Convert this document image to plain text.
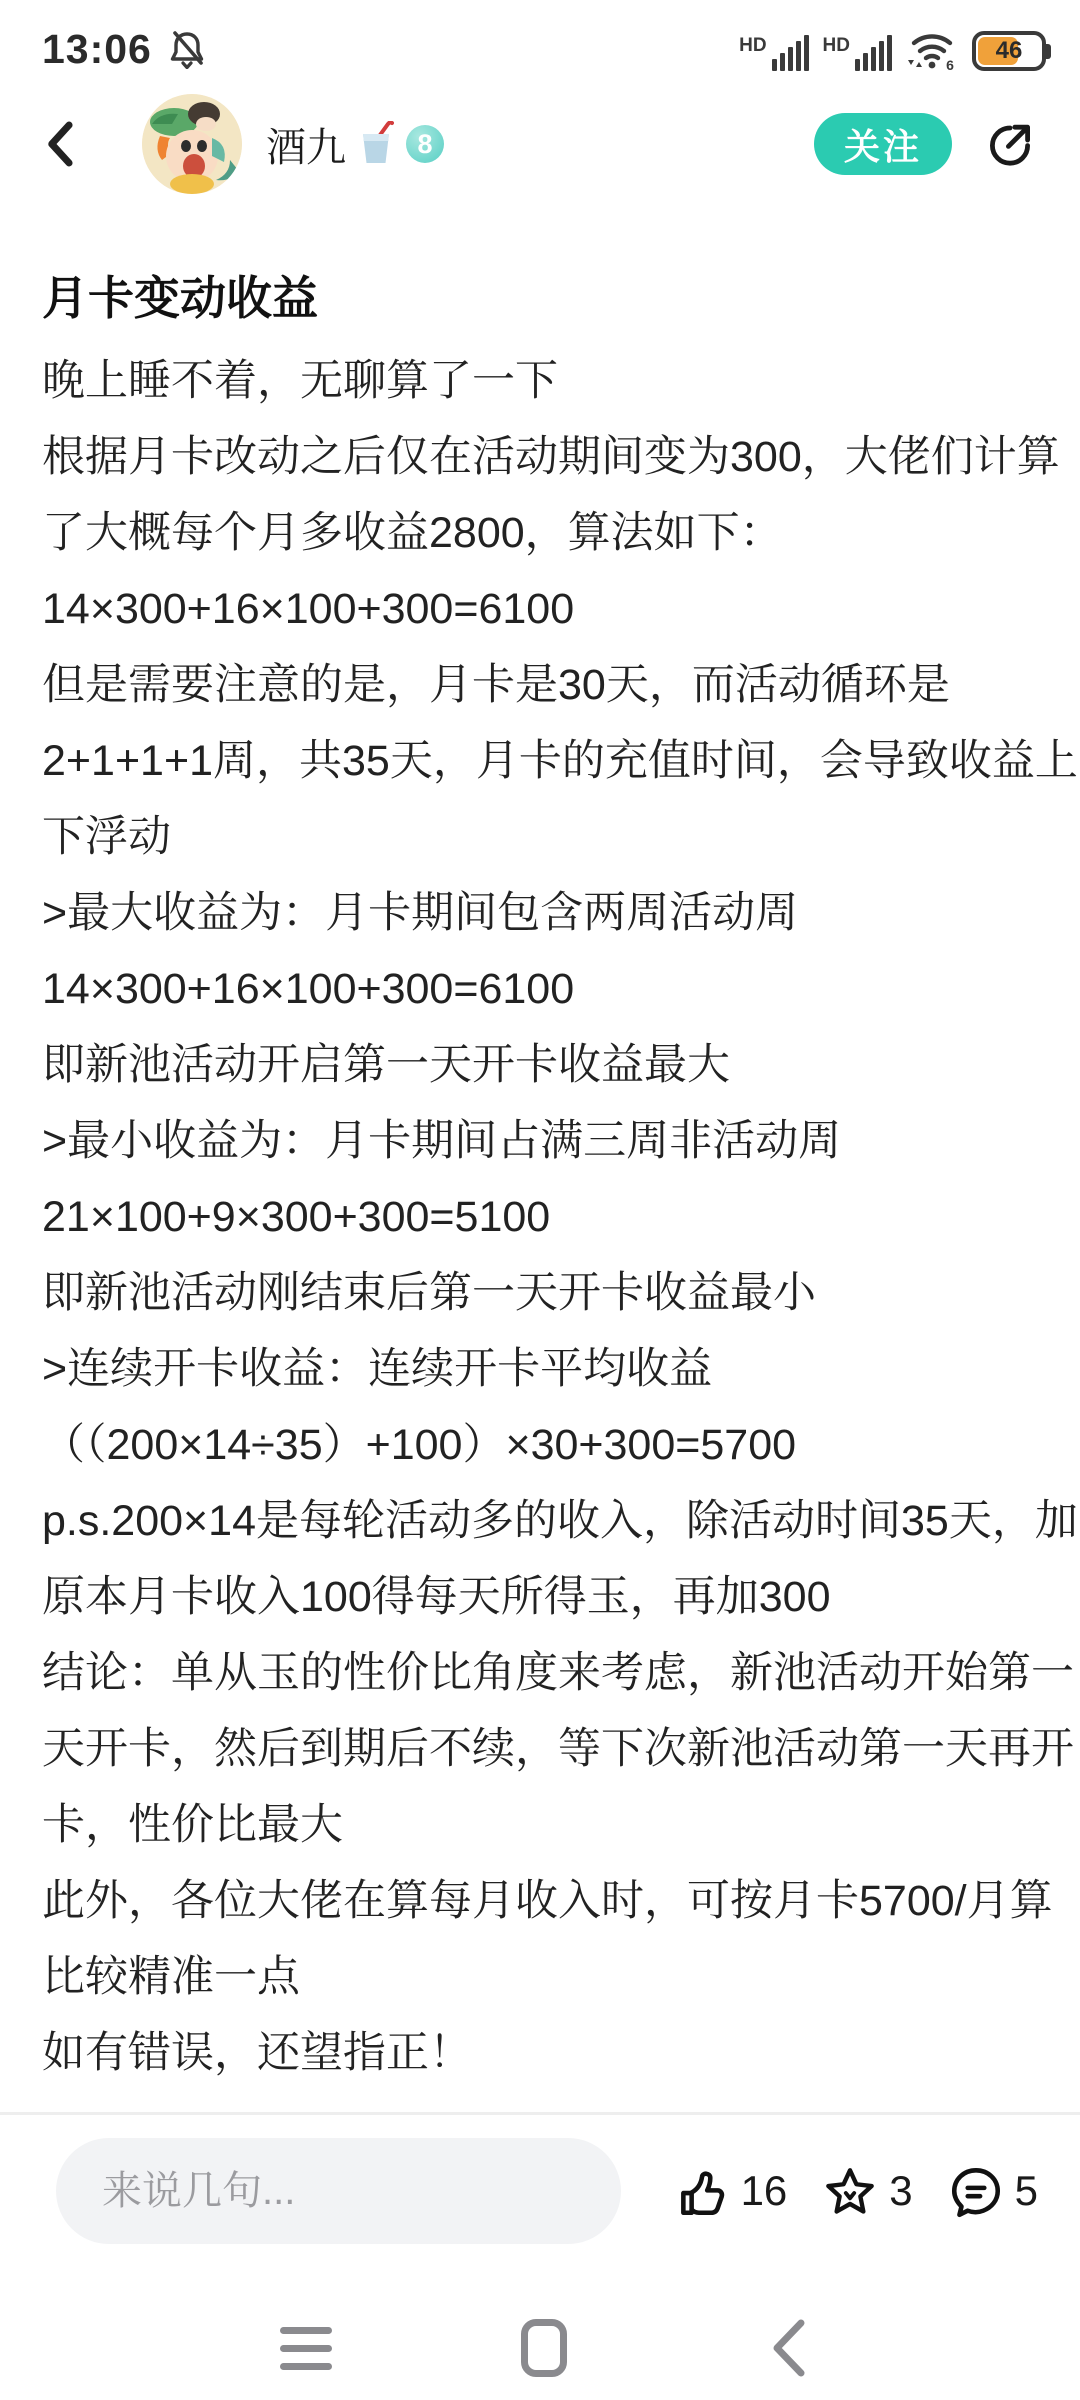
13:06	HD	HD
6
46
酒九	8	关注
月卡变动收益
晚上睡不着，无聊算了一下
根据月卡改动之后仅在活动期间变为300，大佬们计算
了大概每个月多收益2800，算法如下：
14×300+16×100+300=6100
但是需要注意的是，月卡是30天，而活动循环是
2+1+1+1周，共35天，月卡的充值时间，会导致收益上
下浮动
>最大收益为：月卡期间包含两周活动周
14×300+16×100+300=6100
即新池活动开启第一天开卡收益最大
>最小收益为：月卡期间占满三周非活动周
21×100+9×300+300=5100
即新池活动刚结束后第一天开卡收益最小
>连续开卡收益：连续开卡平均收益
（（200×14÷35）+100）×30+300=5700
p.s.200×14是每轮活动多的收入，除活动时间35天，加
原本月卡收入100得每天所得玉，再加300
结论：单从玉的性价比角度来考虑，新池活动开始第一
天开卡，然后到期后不续，等下次新池活动第一天再开
卡，性价比最大
此外，各位大佬在算每月收入时，可按月卡5700/月算
比较精准一点
如有错误，还望指正！
来说几句...
16 3 5
